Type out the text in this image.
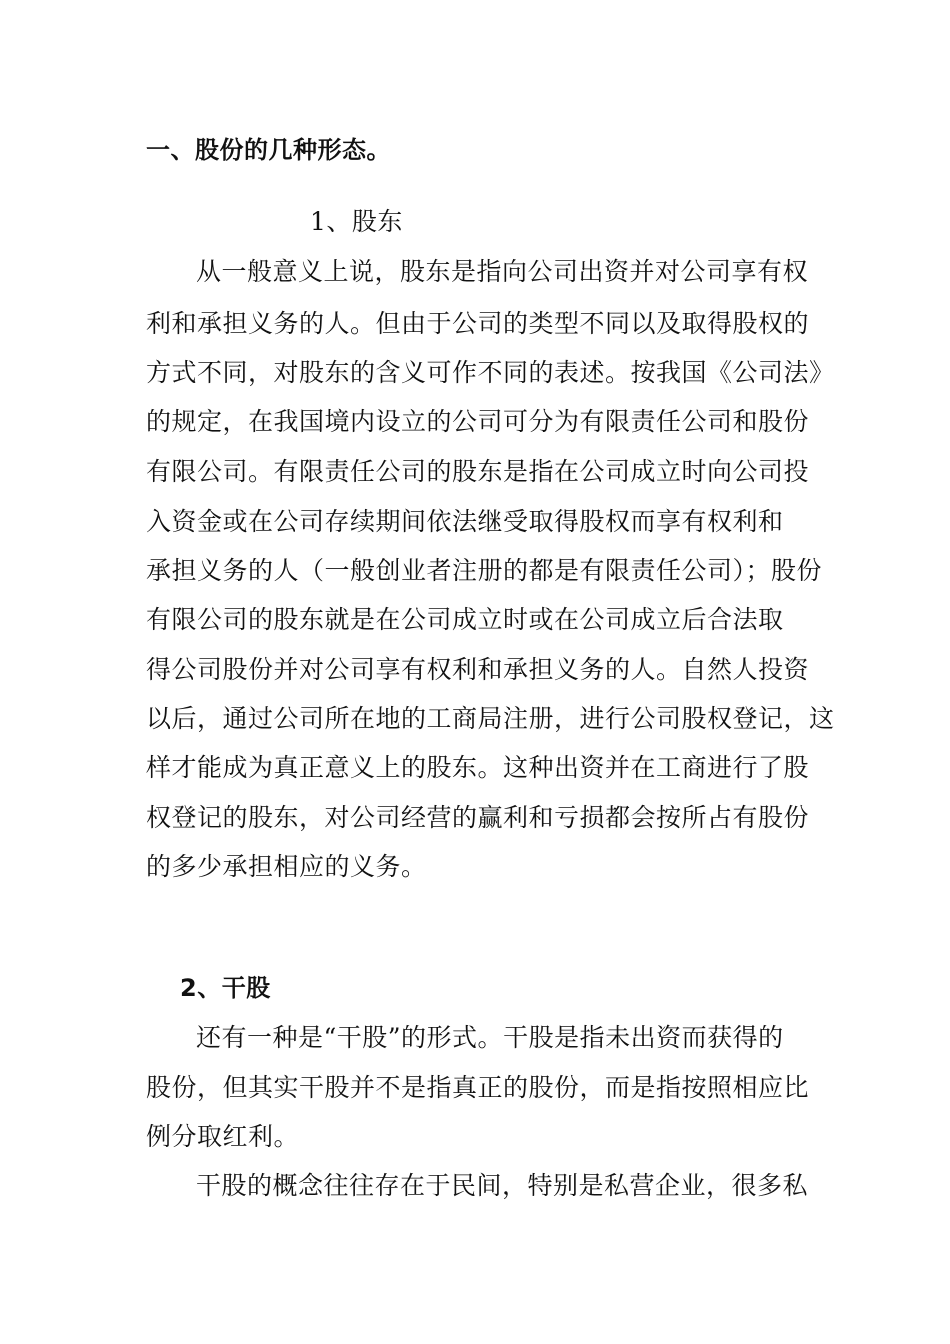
一、股份的几种形态。
1、股东
从一般意义上说，股东是指向公司出资并对公司享有权
利和承担义务的人。但由于公司的类型不同以及取得股权的
方式不同，对股东的含义可作不同的表述。按我国《公司法》
的规定，在我国境内设立的公司可分为有限责任公司和股份
有限公司。有限责任公司的股东是指在公司成立时向公司投
入资金或在公司存续期间依法继受取得股权而享有权利和
承担义务的人（一般创业者注册的都是有限责任公司）；股份
有限公司的股东就是在公司成立时或在公司成立后合法取
得公司股份并对公司享有权利和承担义务的人。自然人投资
以后，通过公司所在地的工商局注册，进行公司股权登记，这
样才能成为真正意义上的股东。这种出资并在工商进行了股
权登记的股东，对公司经营的赢利和亏损都会按所占有股份
的多少承担相应的义务。
2、干股
还有一种是“干股”的形式。干股是指未出资而获得的
股份，但其实干股并不是指真正的股份，而是指按照相应比
例分取红利。
干股的概念往往存在于民间，特别是私营企业，很多私
